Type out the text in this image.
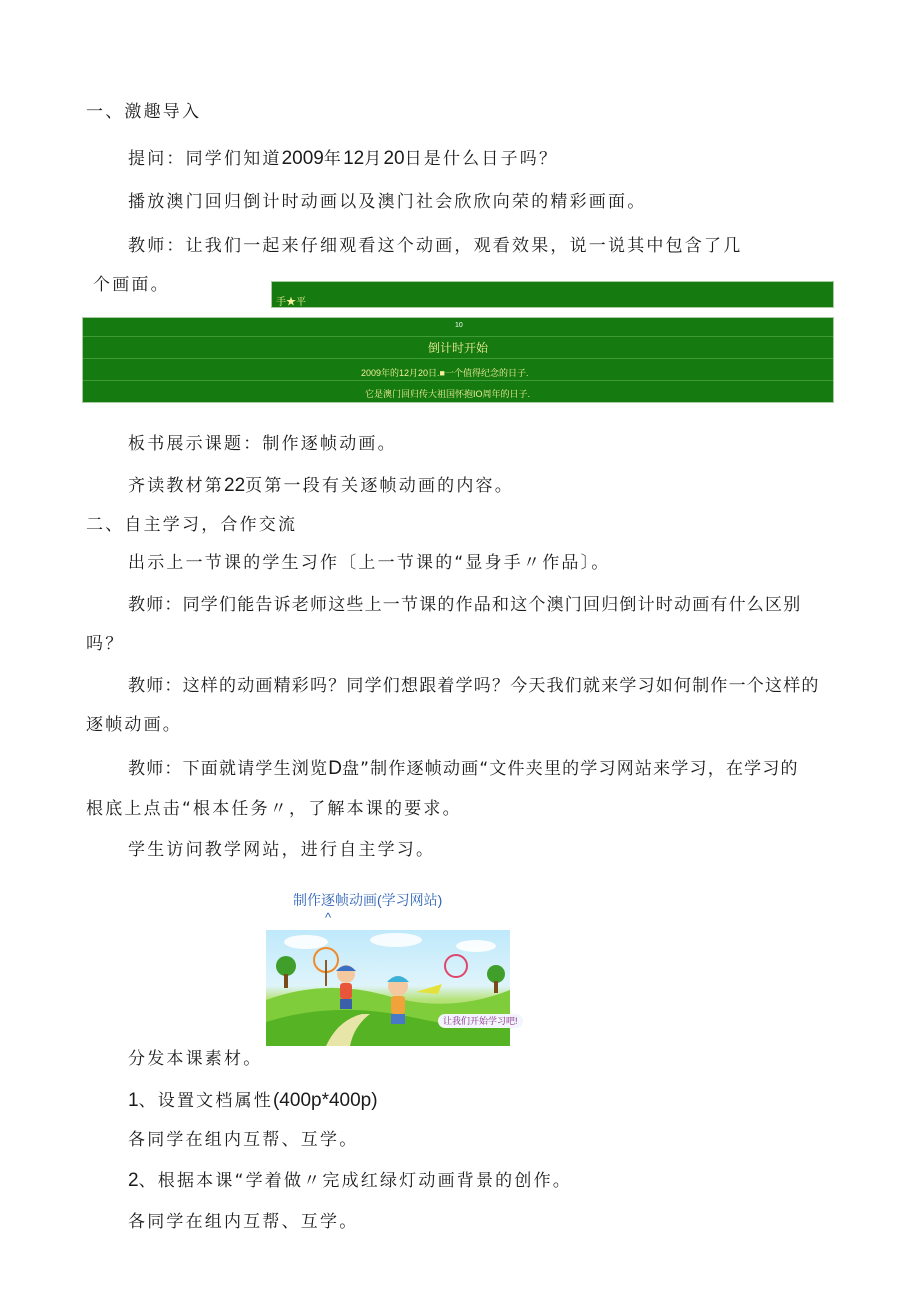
一、激趣导入
提问：同学们知道2009年12月20日是什么日子吗？
播放澳门回归倒计时动画以及澳门社会欣欣向荣的精彩画面。
教师：让我们一起来仔细观看这个动画，观看效果，说一说其中包含了几
个画面。
手★平
10
倒计时开始
2009年的12月20日.■一个值得纪念的日子.
它是澳门回归传大祖国怀抱IO周年的日子.
板书展示课题：制作逐帧动画。
齐读教材第22页第一段有关逐帧动画的内容。
二、自主学习，合作交流
出示上一节课的学生习作〔上一节课的“显身手〃作品〕。
教师：同学们能告诉老师这些上一节课的作品和这个澳门回归倒计时动画有什么区别
吗？
教师：这样的动画精彩吗？同学们想跟着学吗？今天我们就来学习如何制作一个这样的
逐帧动画。
教师：下面就请学生浏览D盘”制作逐帧动画“文件夹里的学习网站来学习，在学习的
根底上点击“根本任务〃，了解本课的要求。
学生访问教学网站，进行自主学习。
制作逐帧动画(学习网站)
^
让我们开始学习吧!
分发本课素材。
1、设置文档属性(400p*400p)
各同学在组内互帮、互学。
2、根据本课“学着做〃完成红绿灯动画背景的创作。
各同学在组内互帮、互学。
